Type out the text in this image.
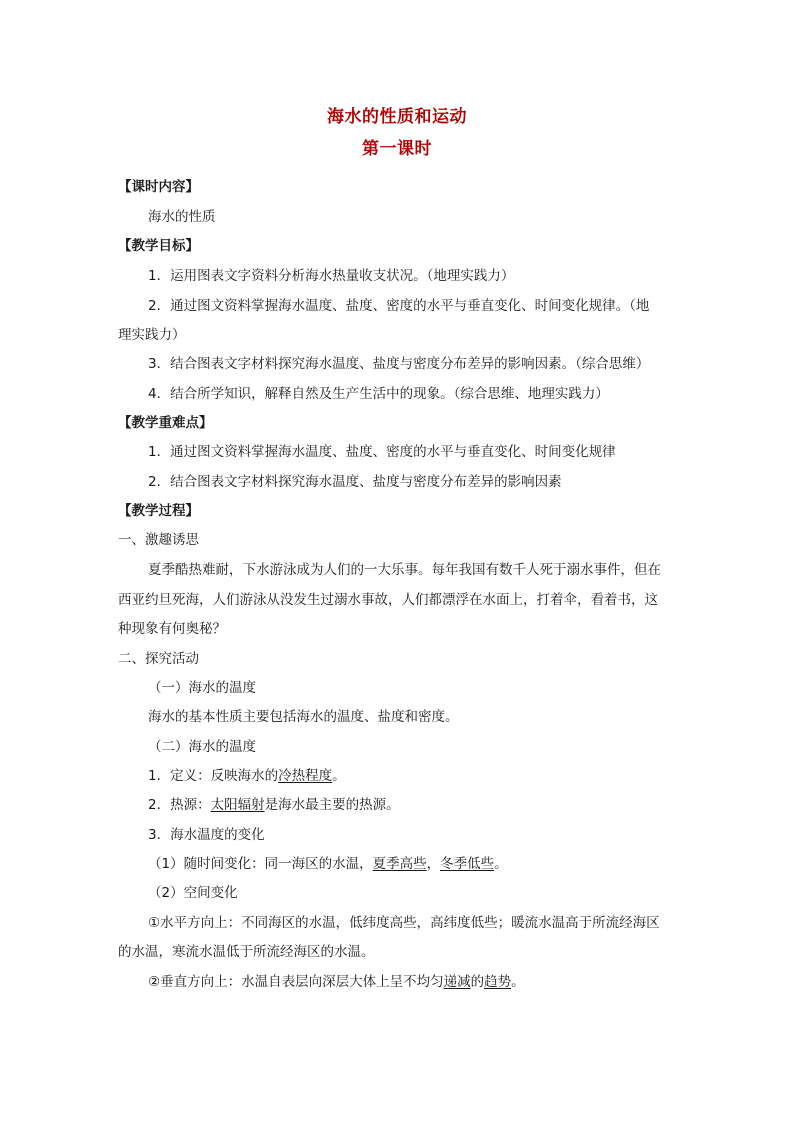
海水的性质和运动
第一课时
【课时内容】
海水的性质
【教学目标】
1．运用图表文字资料分析海水热量收支状况。（地理实践力）
2．通过图文资料掌握海水温度、盐度、密度的水平与垂直变化、时间变化规律。（地
理实践力）
3．结合图表文字材料探究海水温度、盐度与密度分布差异的影响因素。（综合思维）
4．结合所学知识，解释自然及生产生活中的现象。（综合思维、地理实践力）
【教学重难点】
1．通过图文资料掌握海水温度、盐度、密度的水平与垂直变化、时间变化规律
2．结合图表文字材料探究海水温度、盐度与密度分布差异的影响因素
【教学过程】
一、激趣诱思
夏季酷热难耐，下水游泳成为人们的一大乐事。每年我国有数千人死于溺水事件，但在
西亚约旦死海，人们游泳从没发生过溺水事故，人们都漂浮在水面上，打着伞，看着书，这
种现象有何奥秘？
二、探究活动
（一）海水的温度
海水的基本性质主要包括海水的温度、盐度和密度。
（二）海水的温度
1．定义：反映海水的冷热程度。
2．热源：太阳辐射是海水最主要的热源。
3．海水温度的变化
（1）随时间变化：同一海区的水温，夏季高些，冬季低些。
（2）空间变化
①水平方向上：不同海区的水温，低纬度高些，高纬度低些；暖流水温高于所流经海区
的水温，寒流水温低于所流经海区的水温。
②垂直方向上：水温自表层向深层大体上呈不均匀递减的趋势。
